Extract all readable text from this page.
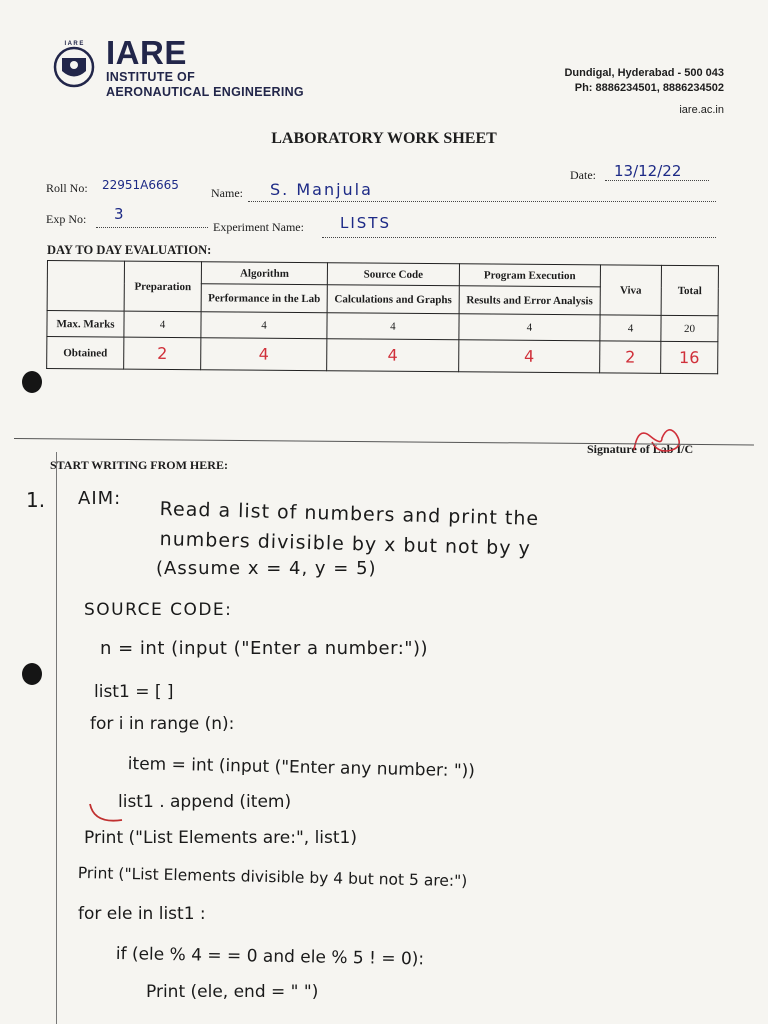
I A R E IARE
INSTITUTE OF
AERONAUTICAL ENGINEERING
Dundigal, Hyderabad - 500 043
Ph: 8886234501, 8886234502
iare.ac.in
LABORATORY WORK SHEET
Date: 13/12/22
Roll No: 22951A6665
Name: S. Manjula
Exp No: 3
Experiment Name: LISTS
DAY TO DAY EVALUATION:
	Preparation	Algorithm	Source Code	Program Execution	Viva	Total
		Performance in the Lab	Calculations and Graphs	Results and Error Analysis		
Max. Marks	4	4	4	4	4	20
Obtained	2	4	4	4	2	16
Signature of Lab I/C
START WRITING FROM HERE:
1. AIM: Read a list of numbers and print the
numbers divisible by x but not by y
(Assume x = 4, y = 5)
SOURCE CODE:
n = int (input ("Enter a number:"))
list1 = [ ]
for i in range (n):
item = int (input ("Enter any number: "))
list1 . append (item)
Print ("List Elements are:", list1)
Print ("List Elements divisible by 4 but not 5 are:")
for ele in list1 :
if (ele % 4 = = 0 and ele % 5 ! = 0):
Print (ele, end = " ")
